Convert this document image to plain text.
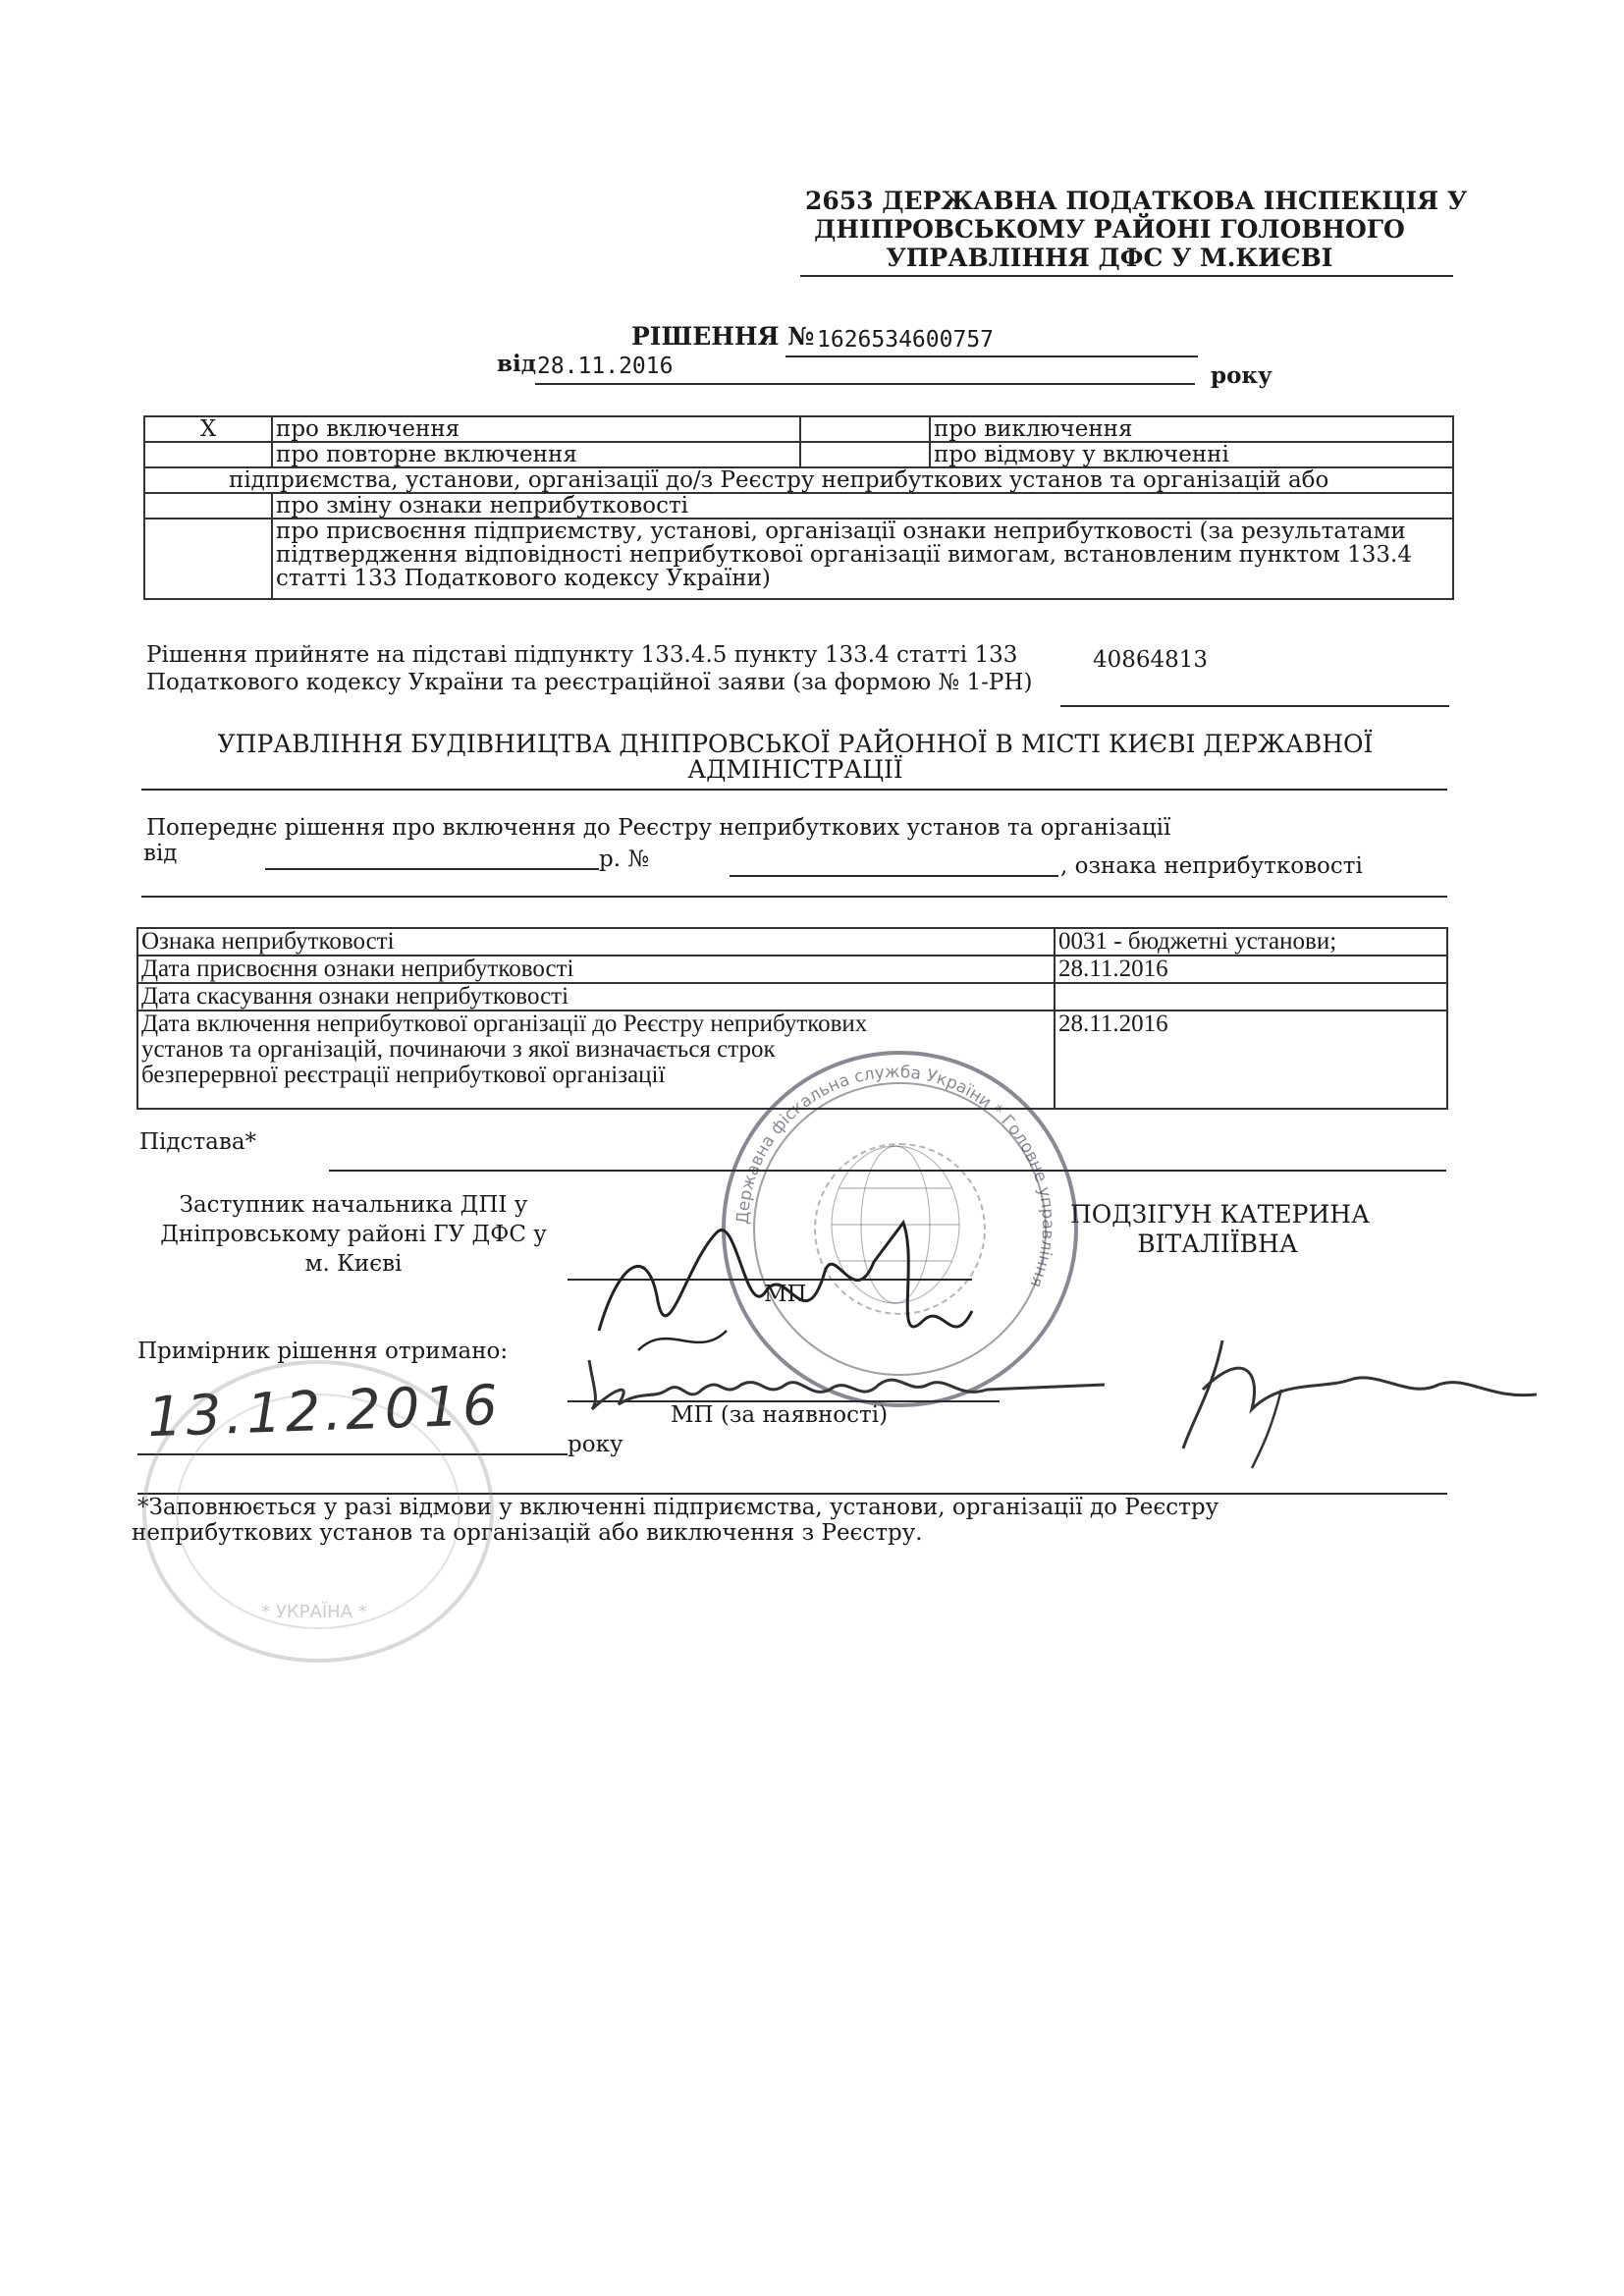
2653 ДЕРЖАВНА ПОДАТКОВА ІНСПЕКЦІЯ У
ДНІПРОВСЬКОМУ РАЙОНІ ГОЛОВНОГО
УПРАВЛІННЯ ДФС У М.КИЄВІ
РІШЕННЯ № 1626534600757
від 28.11.2016	року
X	про включення		про виключення
	про повторне включення		про відмову у включенні
підприємства, установи, організації до/з Реєстру неприбуткових установ та організацій або			
	про зміну ознаки неприбутковості		

	про присвоєння підприємству, установі, організації ознаки неприбутковості (за результатами
підтвердження відповідності неприбуткової організації вимогам, встановленим пунктом 133.4
статті 133 Податкового кодексу України)		
Рішення прийняте на підставі підпункту 133.4.5 пункту 133.4 статті 133	40864813
Податкового кодексу України та реєстраційної заяви (за формою № 1-РН)
УПРАВЛІННЯ БУДІВНИЦТВА ДНІПРОВСЬКОЇ РАЙОННОЇ В МІСТІ КИЄВІ ДЕРЖАВНОЇ
АДМІНІСТРАЦІЇ
Попереднє рішення про включення до Реєстру неприбуткових установ та організації
від	р. №	, ознака неприбутковості
Ознака неприбутковості	0031 - бюджетні установи;
Дата присвоєння ознаки неприбутковості	28.11.2016
Дата скасування ознаки неприбутковості	

Дата включення неприбуткової організації до Реєстру неприбуткових
установ та організацій, починаючи з якої визначається строк
безперервної реєстрації неприбуткової організації	28.11.2016
Підстава*
Заступник начальника ДПІ у
Дніпровському районі ГУ ДФС у
м. Києві
МП
ПОДЗІГУН КАТЕРИНА
ВІТАЛІЇВНА
Примірник рішення отримано:
13.12.2016	року
МП (за наявності)
*Заповнюється у разі відмови у включенні підприємства, установи, організації до Реєстру
неприбуткових установ та організацій або виключення з Реєстру.
Державна фіскальна служба України * Головне управління
* УКРАЇНА *
